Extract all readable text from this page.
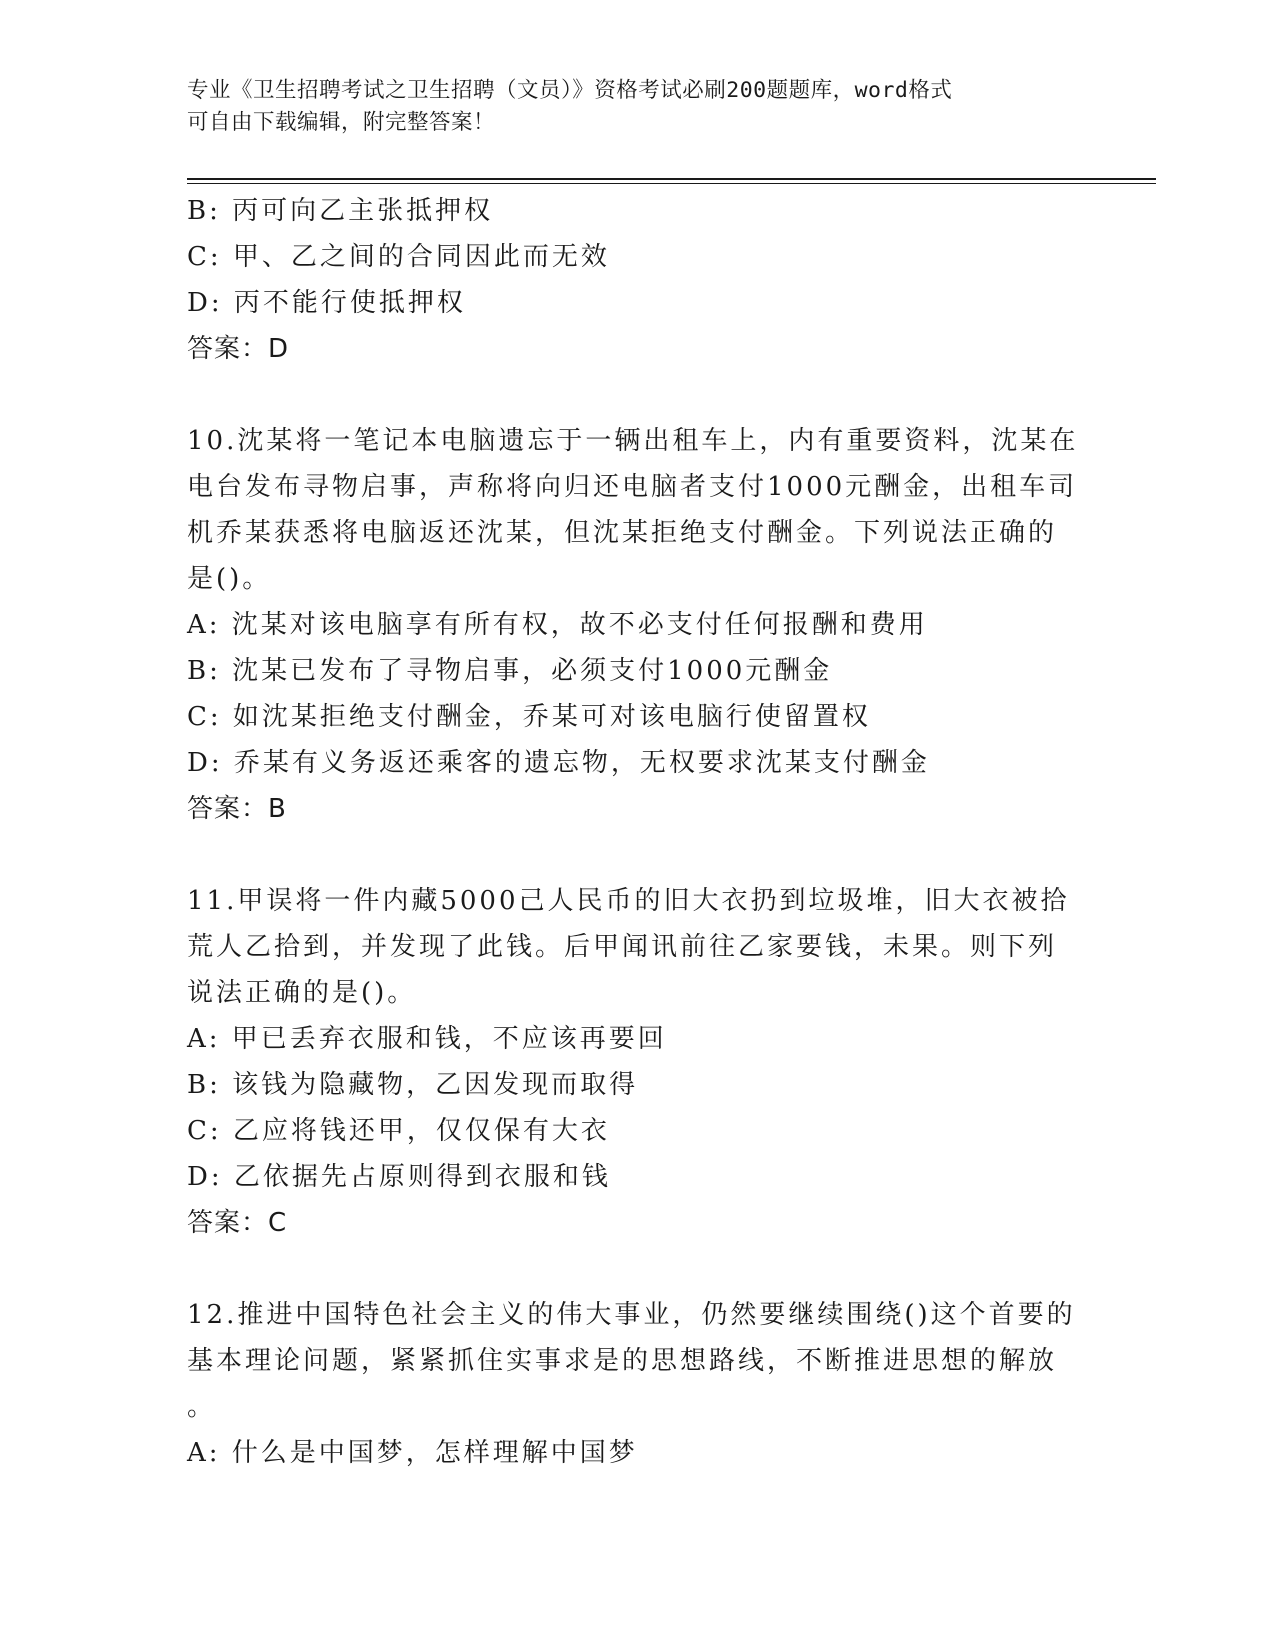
专业《卫生招聘考试之卫生招聘（文员）》资格考试必刷200题题库，word格式
可自由下载编辑，附完整答案！
B: 丙可向乙主张抵押权
C: 甲、乙之间的合同因此而无效
D: 丙不能行使抵押权
答案：D
10.沈某将一笔记本电脑遗忘于一辆出租车上，内有重要资料，沈某在
电台发布寻物启事，声称将向归还电脑者支付1000元酬金，出租车司
机乔某获悉将电脑返还沈某，但沈某拒绝支付酬金。下列说法正确的
是()。
A: 沈某对该电脑享有所有权，故不必支付任何报酬和费用
B: 沈某已发布了寻物启事，必须支付1000元酬金
C: 如沈某拒绝支付酬金，乔某可对该电脑行使留置权
D: 乔某有义务返还乘客的遗忘物，无权要求沈某支付酬金
答案：B
11.甲误将一件内藏5000己人民币的旧大衣扔到垃圾堆，旧大衣被拾
荒人乙拾到，并发现了此钱。后甲闻讯前往乙家要钱，未果。则下列
说法正确的是()。
A: 甲已丢弃衣服和钱，不应该再要回
B: 该钱为隐藏物，乙因发现而取得
C: 乙应将钱还甲，仅仅保有大衣
D: 乙依据先占原则得到衣服和钱
答案：C
12.推进中国特色社会主义的伟大事业，仍然要继续围绕()这个首要的
基本理论问题，紧紧抓住实事求是的思想路线，不断推进思想的解放
。
A: 什么是中国梦，怎样理解中国梦
